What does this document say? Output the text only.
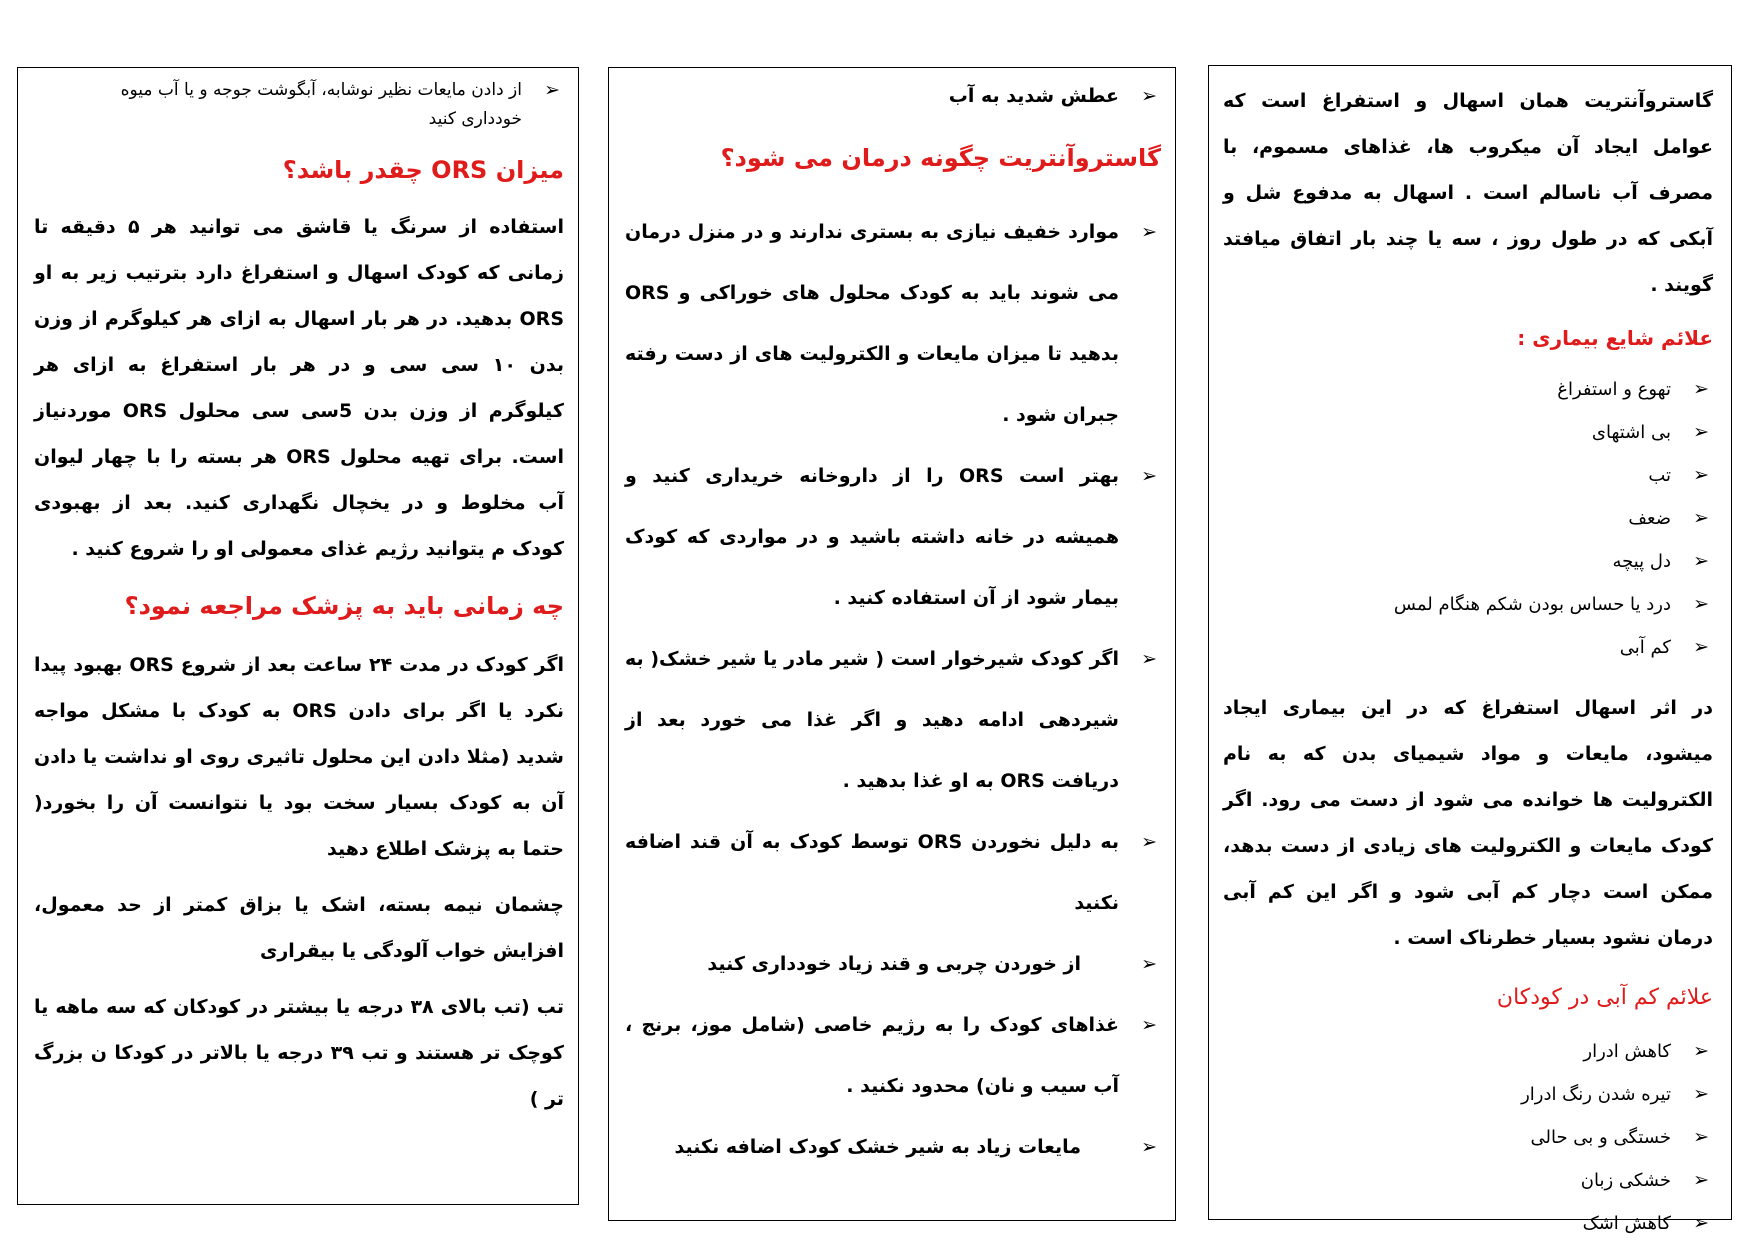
گاستروآنتریت همان اسهال و استفراغ است که عوامل ایجاد آن میکروب ها، غذاهای مسموم، با مصرف آب ناسالم است . اسهال به مدفوع شل و آبکی که در طول روز ، سه یا چند بار اتفاق میافتد گویند .

علائم شایع بیماری :

➢
تهوع و استفراغ
➢
بی اشتهای
➢
تب
➢
ضعف
➢
دل پیچه
➢
درد یا حساس بودن شکم هنگام لمس
➢
کم آبی

در اثر اسهال استفراغ که در این بیماری ایجاد میشود، مایعات و مواد شیمیای بدن که به نام الکترولیت ها خوانده می شود از دست می رود. اگر کودک مایعات و الکترولیت های زیادی از دست بدهد، ممکن است دچار کم آبی شود و اگر این کم آبی درمان نشود بسیار خطرناک است .

علائم کم آبی در کودکان

➢
کاهش ادرار
➢
تیره شدن رنگ ادرار
➢
خستگی و بی حالی
➢
خشکی زبان
➢
کاهش اشک
➢
عطش شدید به آب

گاستروآنتریت چگونه درمان می شود؟

➢
موارد خفیف نیازی به بستری ندارند و در منزل درمان می شوند باید به کودک محلول های خوراکی و ORS بدهید تا میزان مایعات و الکترولیت های از دست رفته جبران شود .
➢
بهتر است ORS را از داروخانه خریداری کنید و همیشه در خانه داشته باشید و در مواردی که کودک بیمار شود از آن استفاده کنید .
➢
اگر کودک شیرخوار است ( شیر مادر یا شیر خشک( به شیردهی ادامه دهید و اگر غذا می خورد بعد از دریافت ORS به او غذا بدهید .
➢
به دلیل نخوردن ORS توسط کودک به آن قند اضافه نکنید
➢
از خوردن چربی و قند زیاد خودداری کنید
➢
غذاهای کودک را به رژیم خاصی (شامل موز، برنج ، آب سیب و نان) محدود نکنید .
➢
مایعات زیاد به شیر خشک کودک اضافه نکنید
➢
از دادن مایعات نظیر نوشابه، آبگوشت جوجه و یا آب میوه خودداری کنید

میزان ORS چقدر باشد؟

استفاده از سرنگ یا قاشق می توانید هر ۵ دقیقه تا زمانی که کودک اسهال و استفراغ دارد بترتیب زیر به او ORS بدهید. در هر بار اسهال به ازای هر کیلوگرم از وزن بدن ۱۰ سی سی و در هر بار استفراغ به ازای هر کیلوگرم از وزن بدن 5سی سی محلول ORS موردنیاز است. برای تهیه محلول ORS هر بسته را با چهار لیوان آب مخلوط و در یخچال نگهداری کنید. بعد از بهبودی کودک م یتوانید رژیم غذای معمولی او را شروع کنید .

چه زمانی باید به پزشک مراجعه نمود؟

اگر کودک در مدت ۲۴ ساعت بعد از شروع ORS بهبود پیدا نکرد یا اگر برای دادن ORS به کودک با مشکل مواجه شدید (مثلا دادن این محلول تاثیری روی او نداشت یا دادن آن به کودک بسیار سخت بود یا نتوانست آن را بخورد( حتما به پزشک اطلاع دهید

چشمان نیمه بسته، اشک یا بزاق کمتر از حد معمول، افزایش خواب آلودگی یا بیقراری

تب (تب بالای ۳۸ درجه یا بیشتر در کودکان که سه ماهه یا کوچک تر هستند و تب ۳۹ درجه یا بالاتر در کودکا ن بزرگ تر )
